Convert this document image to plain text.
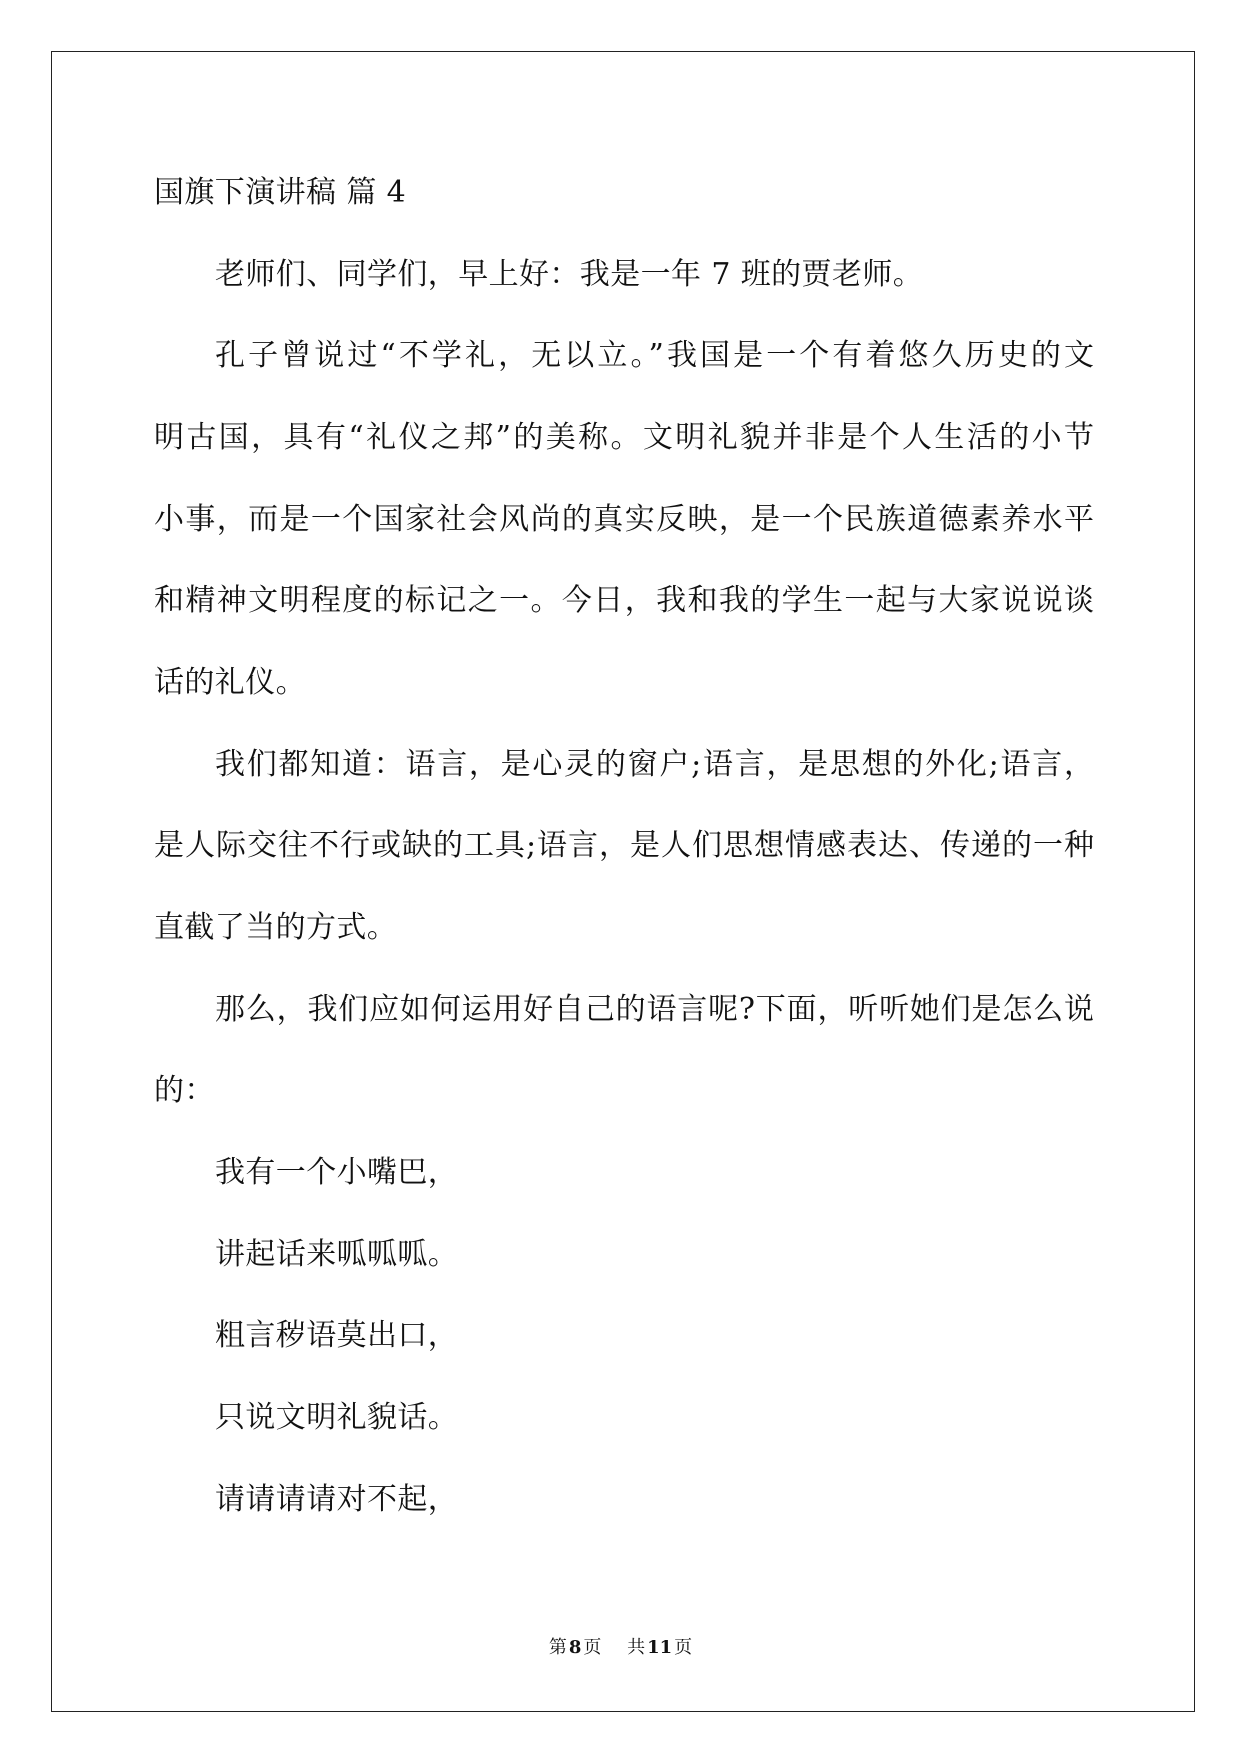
国旗下演讲稿 篇 4
老师们、同学们，早上好：我是一年 7 班的贾老师。
孔子曾说过“不学礼，无以立。”我国是一个有着悠久历史的文
明古国，具有“礼仪之邦”的美称。文明礼貌并非是个人生活的小节
小事，而是一个国家社会风尚的真实反映，是一个民族道德素养水平
和精神文明程度的标记之一。今日，我和我的学生一起与大家说说谈
话的礼仪。
我们都知道：语言，是心灵的窗户;语言，是思想的外化;语言，
是人际交往不行或缺的工具;语言，是人们思想情感表达、传递的一种
直截了当的方式。
那么，我们应如何运用好自己的语言呢?下面，听听她们是怎么说
的：
我有一个小嘴巴，
讲起话来呱呱呱。
粗言秽语莫出口，
只说文明礼貌话。
请请请请对不起，
第 8 页 共 11 页
